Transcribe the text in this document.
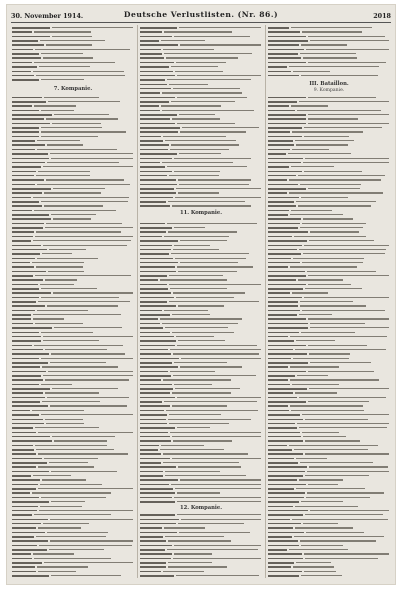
30. November 1914.	Deutsche Verlustlisten. (Nr. 86.)	2018
7. Kompanie.
11. Kompanie.
12. Kompanie.
III. Bataillon.
9. Kompanie.
